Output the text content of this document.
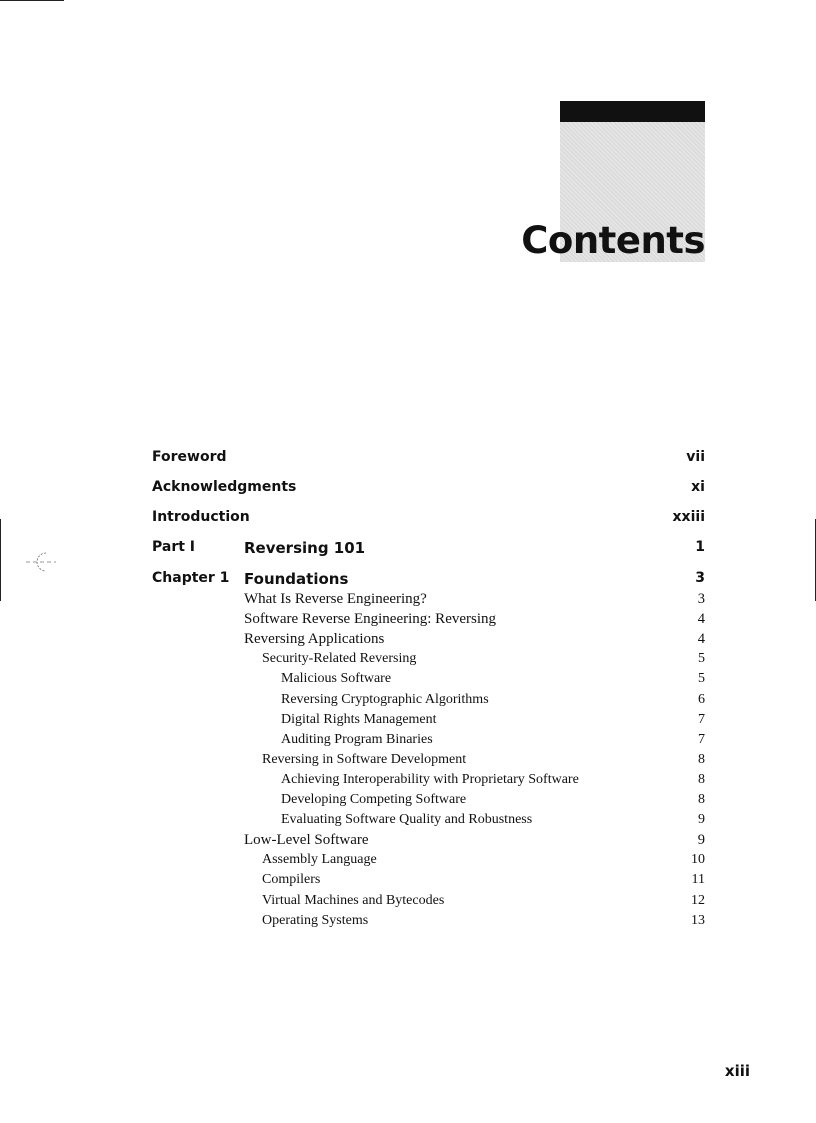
Contents
Foreword	vii
Acknowledgments	xi
Introduction	xxiii
Part I	Reversing 101	1
Chapter 1 Foundations	3
What Is Reverse Engineering?	3
Software Reverse Engineering: Reversing	4
Reversing Applications	4
Security-Related Reversing	5
Malicious Software	5
Reversing Cryptographic Algorithms	6
Digital Rights Management	7
Auditing Program Binaries	7
Reversing in Software Development	8
Achieving Interoperability with Proprietary Software	8
Developing Competing Software	8
Evaluating Software Quality and Robustness	9
Low-Level Software	9
Assembly Language	10
Compilers	11
Virtual Machines and Bytecodes	12
Operating Systems	13
xiii
